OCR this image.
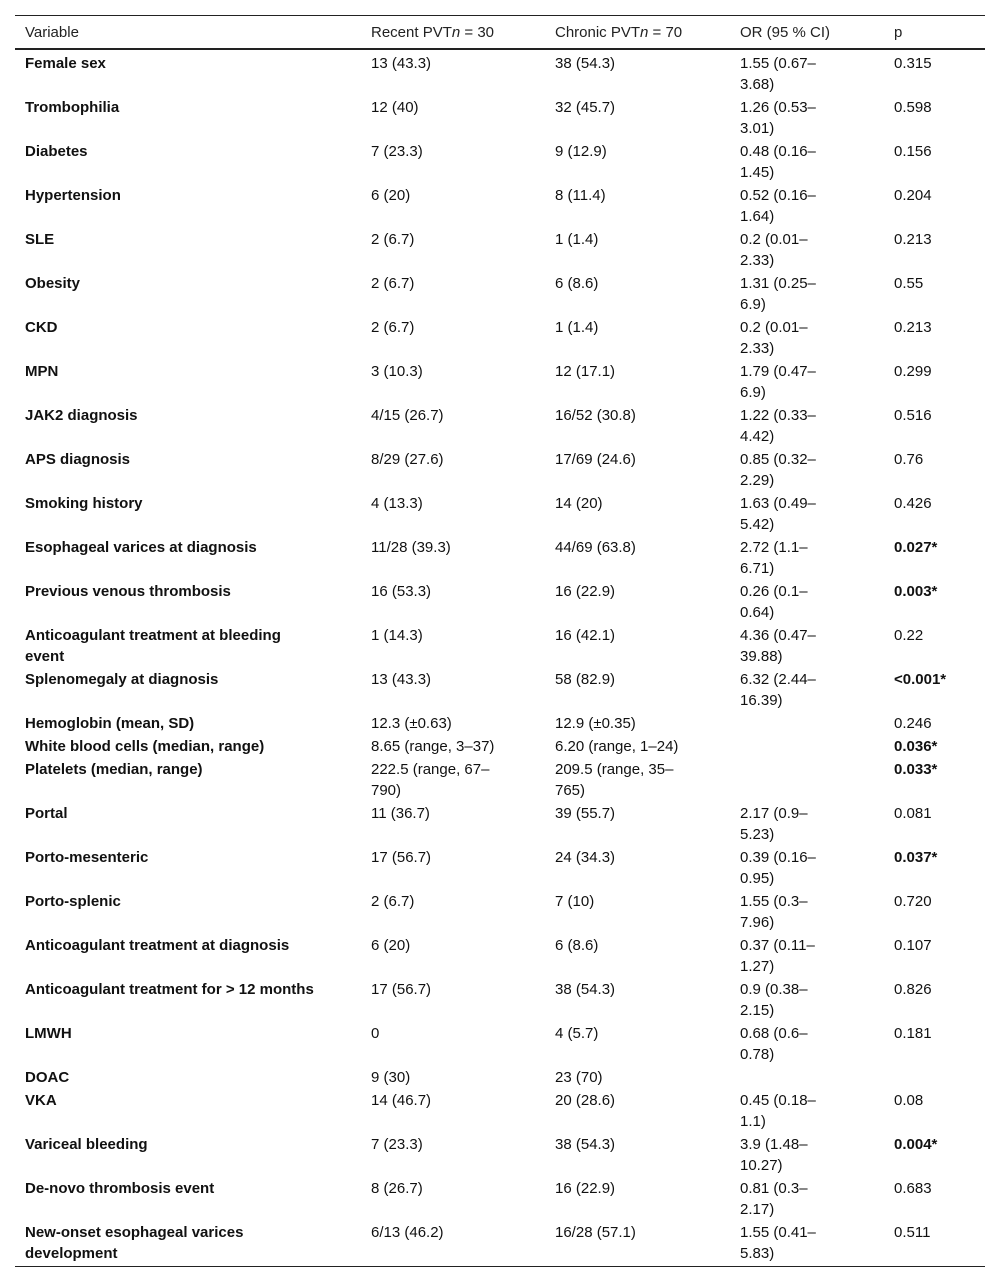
Variable	Recent PVTn = 30	Chronic PVTn = 70	OR (95 % CI)	p
Female sex	13 (43.3)	38 (54.3)	1.55 (0.67–3.68)	0.315
Trombophilia	12 (40)	32 (45.7)	1.26 (0.53–3.01)	0.598
Diabetes	7 (23.3)	9 (12.9)	0.48 (0.16–1.45)	0.156
Hypertension	6 (20)	8 (11.4)	0.52 (0.16–1.64)	0.204
SLE	2 (6.7)	1 (1.4)	0.2 (0.01–2.33)	0.213
Obesity	2 (6.7)	6 (8.6)	1.31 (0.25–6.9)	0.55
CKD	2 (6.7)	1 (1.4)	0.2 (0.01–2.33)	0.213
MPN	3 (10.3)	12 (17.1)	1.79 (0.47–6.9)	0.299
JAK2 diagnosis	4/15 (26.7)	16/52 (30.8)	1.22 (0.33–4.42)	0.516
APS diagnosis	8/29 (27.6)	17/69 (24.6)	0.85 (0.32–2.29)	0.76
Smoking history	4 (13.3)	14 (20)	1.63 (0.49–5.42)	0.426
Esophageal varices at diagnosis	11/28 (39.3)	44/69 (63.8)	2.72 (1.1–6.71)	0.027*
Previous venous thrombosis	16 (53.3)	16 (22.9)	0.26 (0.1–0.64)	0.003*
Anticoagulant treatment at bleeding event	1 (14.3)	16 (42.1)	4.36 (0.47–39.88)	0.22
Splenomegaly at diagnosis	13 (43.3)	58 (82.9)	6.32 (2.44–16.39)	<0.001*
Hemoglobin (mean, SD)	12.3 (±0.63)	12.9 (±0.35)		0.246
White blood cells (median, range)	8.65 (range, 3–37)	6.20 (range, 1–24)		0.036*
Platelets (median, range)	222.5 (range, 67–790)	209.5 (range, 35–765)		0.033*
Portal	11 (36.7)	39 (55.7)	2.17 (0.9–5.23)	0.081
Porto-mesenteric	17 (56.7)	24 (34.3)	0.39 (0.16–0.95)	0.037*
Porto-splenic	2 (6.7)	7 (10)	1.55 (0.3–7.96)	0.720
Anticoagulant treatment at diagnosis	6 (20)	6 (8.6)	0.37 (0.11–1.27)	0.107
Anticoagulant treatment for > 12 months	17 (56.7)	38 (54.3)	0.9 (0.38–2.15)	0.826
LMWH	0	4 (5.7)	0.68 (0.6–0.78)	0.181
DOAC	9 (30)	23 (70)		
VKA	14 (46.7)	20 (28.6)	0.45 (0.18–1.1)	0.08
Variceal bleeding	7 (23.3)	38 (54.3)	3.9 (1.48–10.27)	0.004*
De-novo thrombosis event	8 (26.7)	16 (22.9)	0.81 (0.3–2.17)	0.683
New-onset esophageal varices development	6/13 (46.2)	16/28 (57.1)	1.55 (0.41–5.83)	0.511
